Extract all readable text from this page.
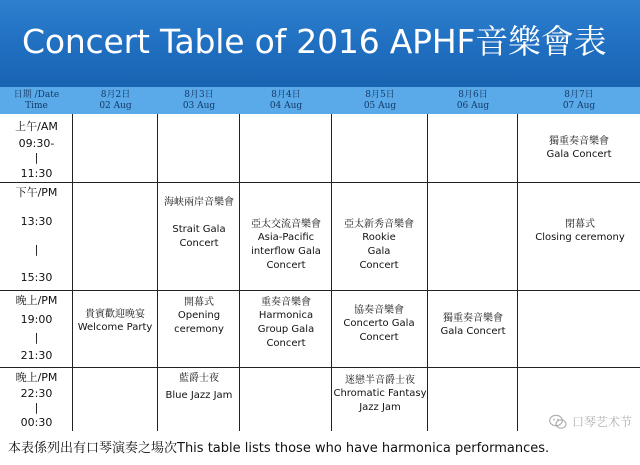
Concert Table of 2016 APHF音樂會表
日期 /Date
Time
8月2日
02 Aug
8月3日
03 Aug
8月4日
04 Aug
8月5日
05 Aug
8月6日
06 Aug
8月7日
07 Aug
上午/AM
09:30-
|
11:30
獨重奏音樂會
Gala Concert
下午/PM
13:30
|
15:30
海峡兩岸音樂會
Strait Gala Concert
亞太交流音樂會
Asia-Pacific interflow Gala Concert
亞太新秀音樂會
Rookie Gala Concert
閉幕式
Closing ceremony
晚上/PM
19:00
|
21:30
貴賓歡迎晚宴
Welcome Party
開幕式
Opening ceremony
重奏音樂會
Harmonica Group Gala Concert
協奏音樂會
Concerto Gala Concert
獨重奏音樂會
Gala Concert
晚上/PM
22:30
|
00:30
藍爵士夜
Blue Jazz Jam
迷戀半音爵士夜
Chromatic Fantasy Jazz Jam
口琴艺术节
本表係列出有口琴演奏之場次This table lists those who have harmonica performances.
